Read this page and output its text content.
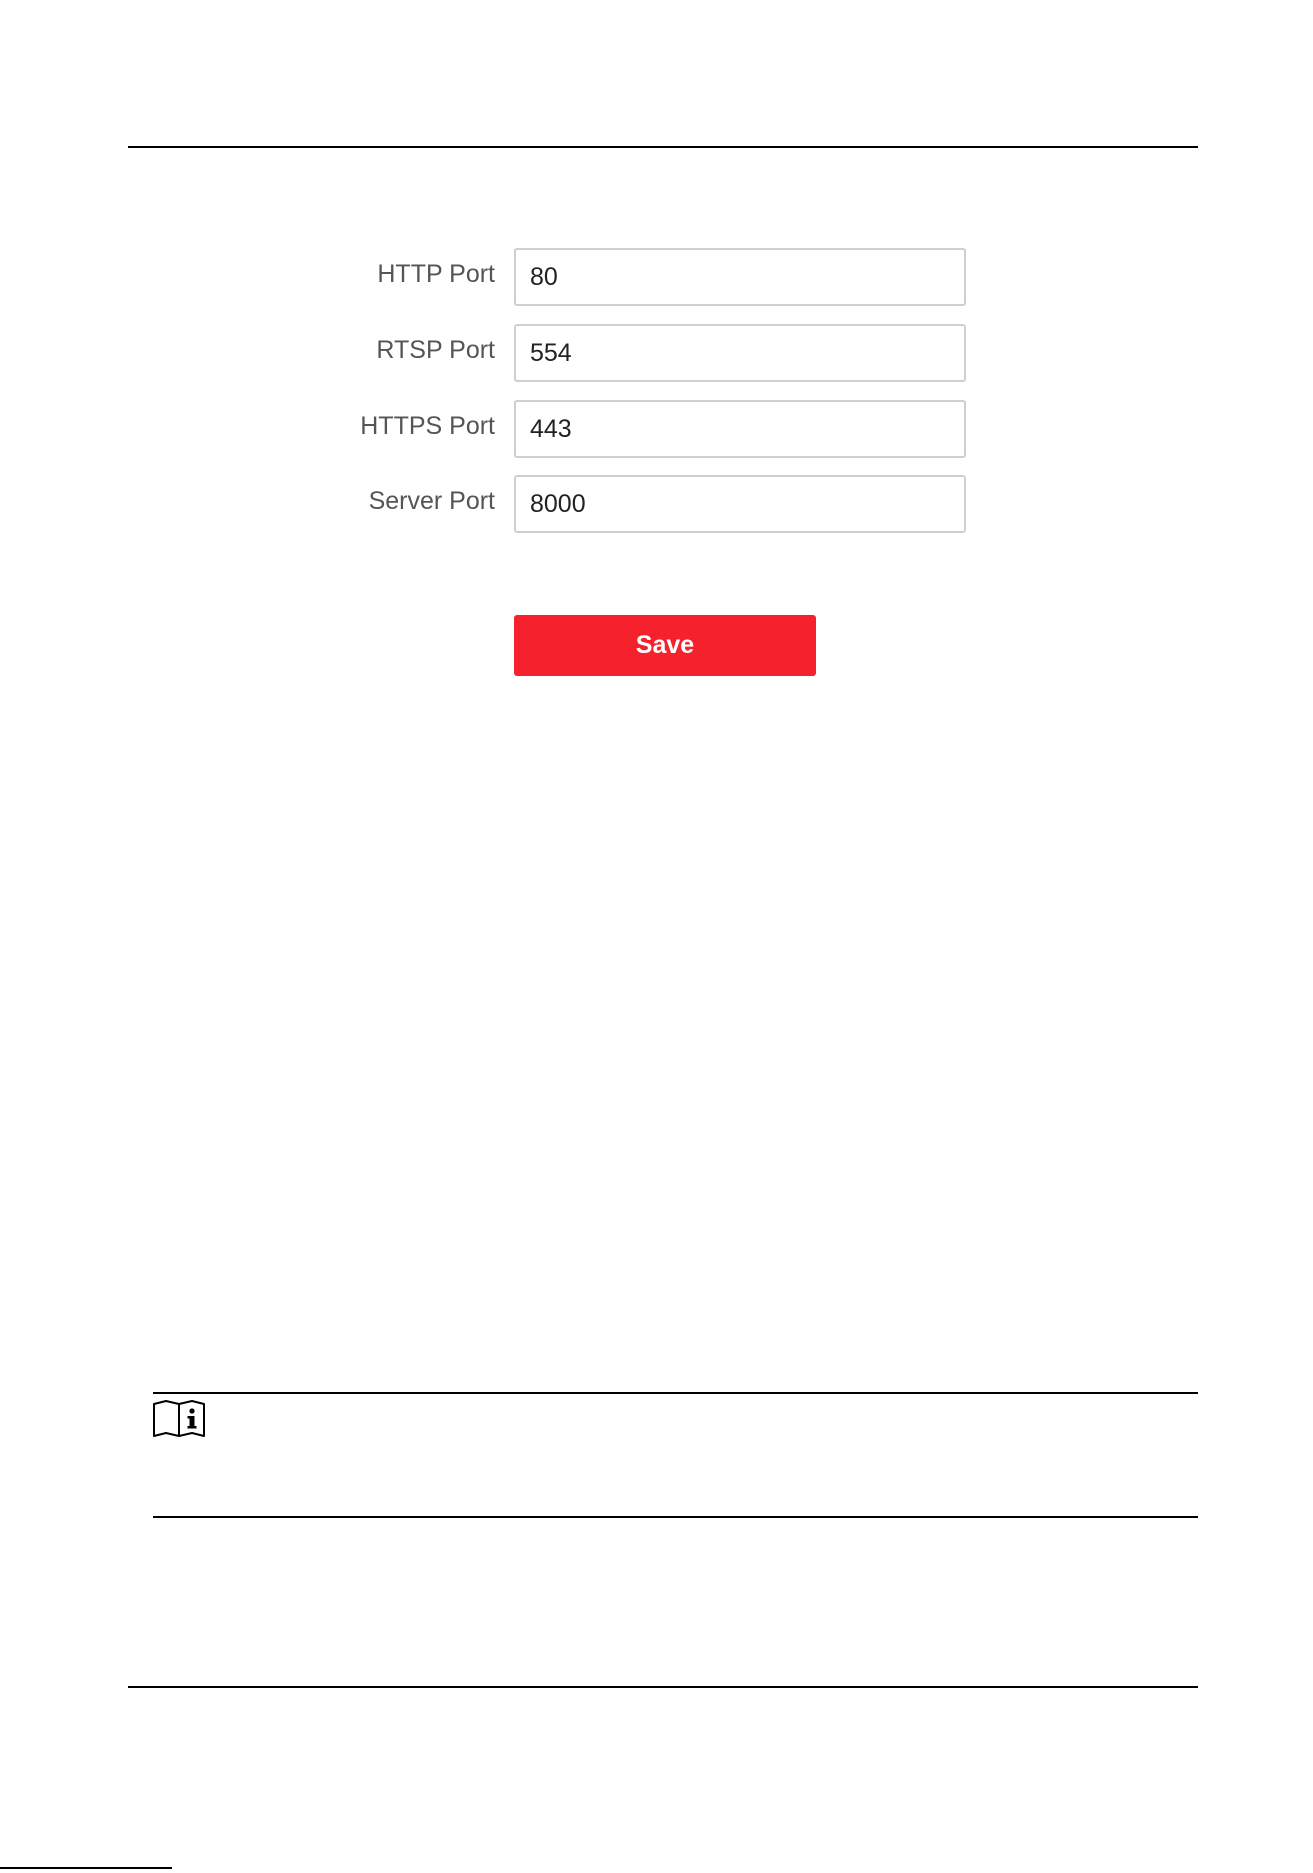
HTTP Port
80
RTSP Port
554
HTTPS Port
443
Server Port
8000
Save
